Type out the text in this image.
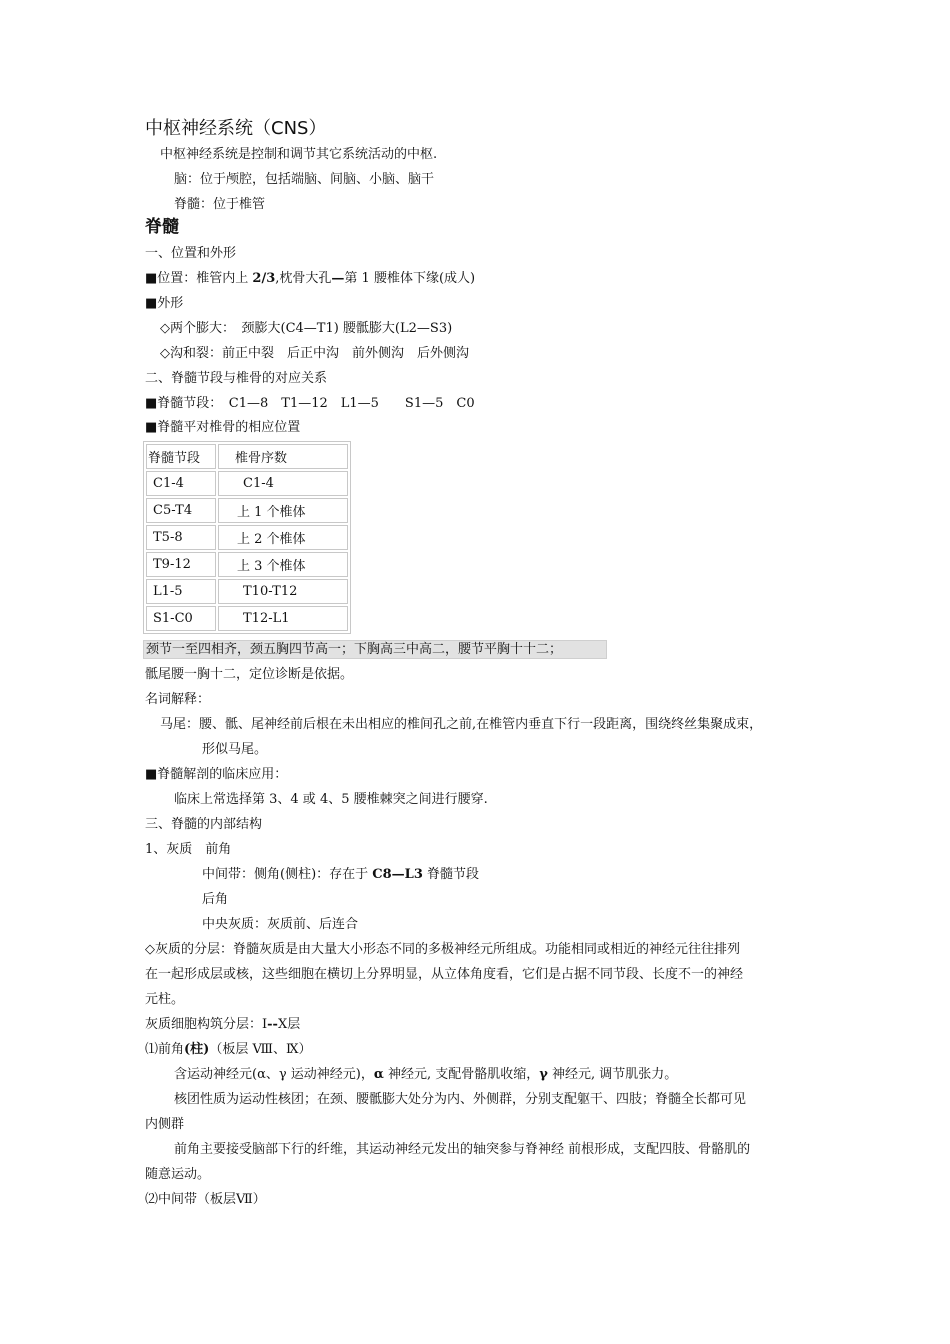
中枢神经系统（CNS）
中枢神经系统是控制和调节其它系统活动的中枢.
脑：位于颅腔，包括端脑、间脑、小脑、脑干
脊髓：位于椎管
脊髓
一、位置和外形
■位置：椎管内上 2/3,枕骨大孔—第 1 腰椎体下缘(成人)
■外形
◇两个膨大：　颈膨大(C4—T1) 腰骶膨大(L2—S3)
◇沟和裂：前正中裂　后正中沟　前外侧沟　后外侧沟
二、脊髓节段与椎骨的对应关系
■脊髓节段：　C1—8　T1—12　L1—5　　S1—5　C0
■脊髓平对椎骨的相应位置
脊髓节段	椎骨序数
C1-4	C1-4
C5-T4	上 1 个椎体
T5-8	上 2 个椎体
T9-12	上 3 个椎体
L1-5	T10-T12
S1-C0	T12-L1
颈节一至四相齐，颈五胸四节高一；下胸高三中高二，腰节平胸十十二；
骶尾腰一胸十二，定位诊断是依据。
名词解释：
马尾：腰、骶、尾神经前后根在未出相应的椎间孔之前,在椎管内垂直下行一段距离，围绕终丝集聚成束，
形似马尾。
■脊髓解剖的临床应用：
临床上常选择第 3、4 或 4、5 腰椎棘突之间进行腰穿.
三、脊髓的内部结构
1、灰质　前角
中间带：侧角(侧柱)：存在于 C8—L3 脊髓节段
后角
中央灰质：灰质前、后连合
◇灰质的分层：脊髓灰质是由大量大小形态不同的多极神经元所组成。功能相同或相近的神经元往往排列
在一起形成层或核，这些细胞在横切上分界明显，从立体角度看，它们是占据不同节段、长度不一的神经
元柱。
灰质细胞构筑分层：Ⅰ--Ⅹ层
⑴前角(柱)（板层 Ⅷ、Ⅸ）
含运动神经元(α、γ 运动神经元)，α 神经元, 支配骨骼肌收缩，γ 神经元, 调节肌张力。
核团性质为运动性核团；在颈、腰骶膨大处分为内、外侧群，分别支配躯干、四肢；脊髓全长都可见
内侧群
前角主要接受脑部下行的纤维，其运动神经元发出的轴突参与脊神经 前根形成，支配四肢、骨骼肌的
随意运动。
⑵中间带（板层Ⅶ）
